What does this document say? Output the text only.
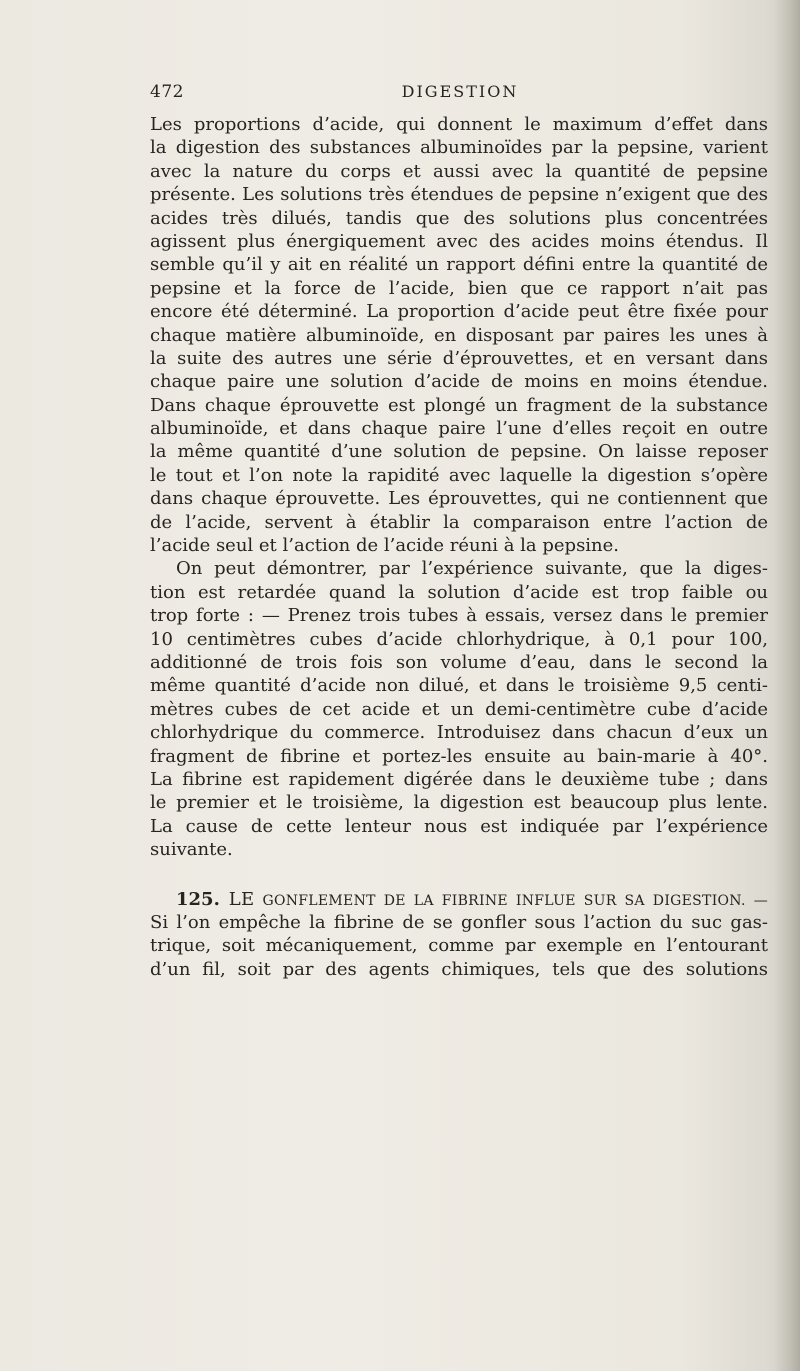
472	DIGESTION
Les proportions d’acide, qui donnent le maximum d’effet dans
la digestion des substances albuminoïdes par la pepsine, varient
avec la nature du corps et aussi avec la quantité de pepsine
présente. Les solutions très étendues de pepsine n’exigent que des
acides très dilués, tandis que des solutions plus concentrées
agissent plus énergiquement avec des acides moins étendus. Il
semble qu’il y ait en réalité un rapport défini entre la quantité de
pepsine et la force de l’acide, bien que ce rapport n’ait pas
encore été déterminé. La proportion d’acide peut être fixée pour
chaque matière albuminoïde, en disposant par paires les unes à
la suite des autres une série d’éprouvettes, et en versant dans
chaque paire une solution d’acide de moins en moins étendue.
Dans chaque éprouvette est plongé un fragment de la substance
albuminoïde, et dans chaque paire l’une d’elles reçoit en outre
la même quantité d’une solution de pepsine. On laisse reposer
le tout et l’on note la rapidité avec laquelle la digestion s’opère
dans chaque éprouvette. Les éprouvettes, qui ne contiennent que
de l’acide, servent à établir la comparaison entre l’action de
l’acide seul et l’action de l’acide réuni à la pepsine.
On peut démontrer, par l’expérience suivante, que la diges-
tion est retardée quand la solution d’acide est trop faible ou
trop forte : — Prenez trois tubes à essais, versez dans le premier
10 centimètres cubes d’acide chlorhydrique, à 0,1 pour 100,
additionné de trois fois son volume d’eau, dans le second la
même quantité d’acide non dilué, et dans le troisième 9,5 centi-
mètres cubes de cet acide et un demi-centimètre cube d’acide
chlorhydrique du commerce. Introduisez dans chacun d’eux un
fragment de fibrine et portez-les ensuite au bain-marie à 40°.
La fibrine est rapidement digérée dans le deuxième tube ; dans
le premier et le troisième, la digestion est beaucoup plus lente.
La cause de cette lenteur nous est indiquée par l’expérience
suivante.
125. LE GONFLEMENT DE LA FIBRINE INFLUE SUR SA DIGESTION. —
Si l’on empêche la fibrine de se gonfler sous l’action du suc gas-
trique, soit mécaniquement, comme par exemple en l’entourant
d’un fil, soit par des agents chimiques, tels que des solutions
